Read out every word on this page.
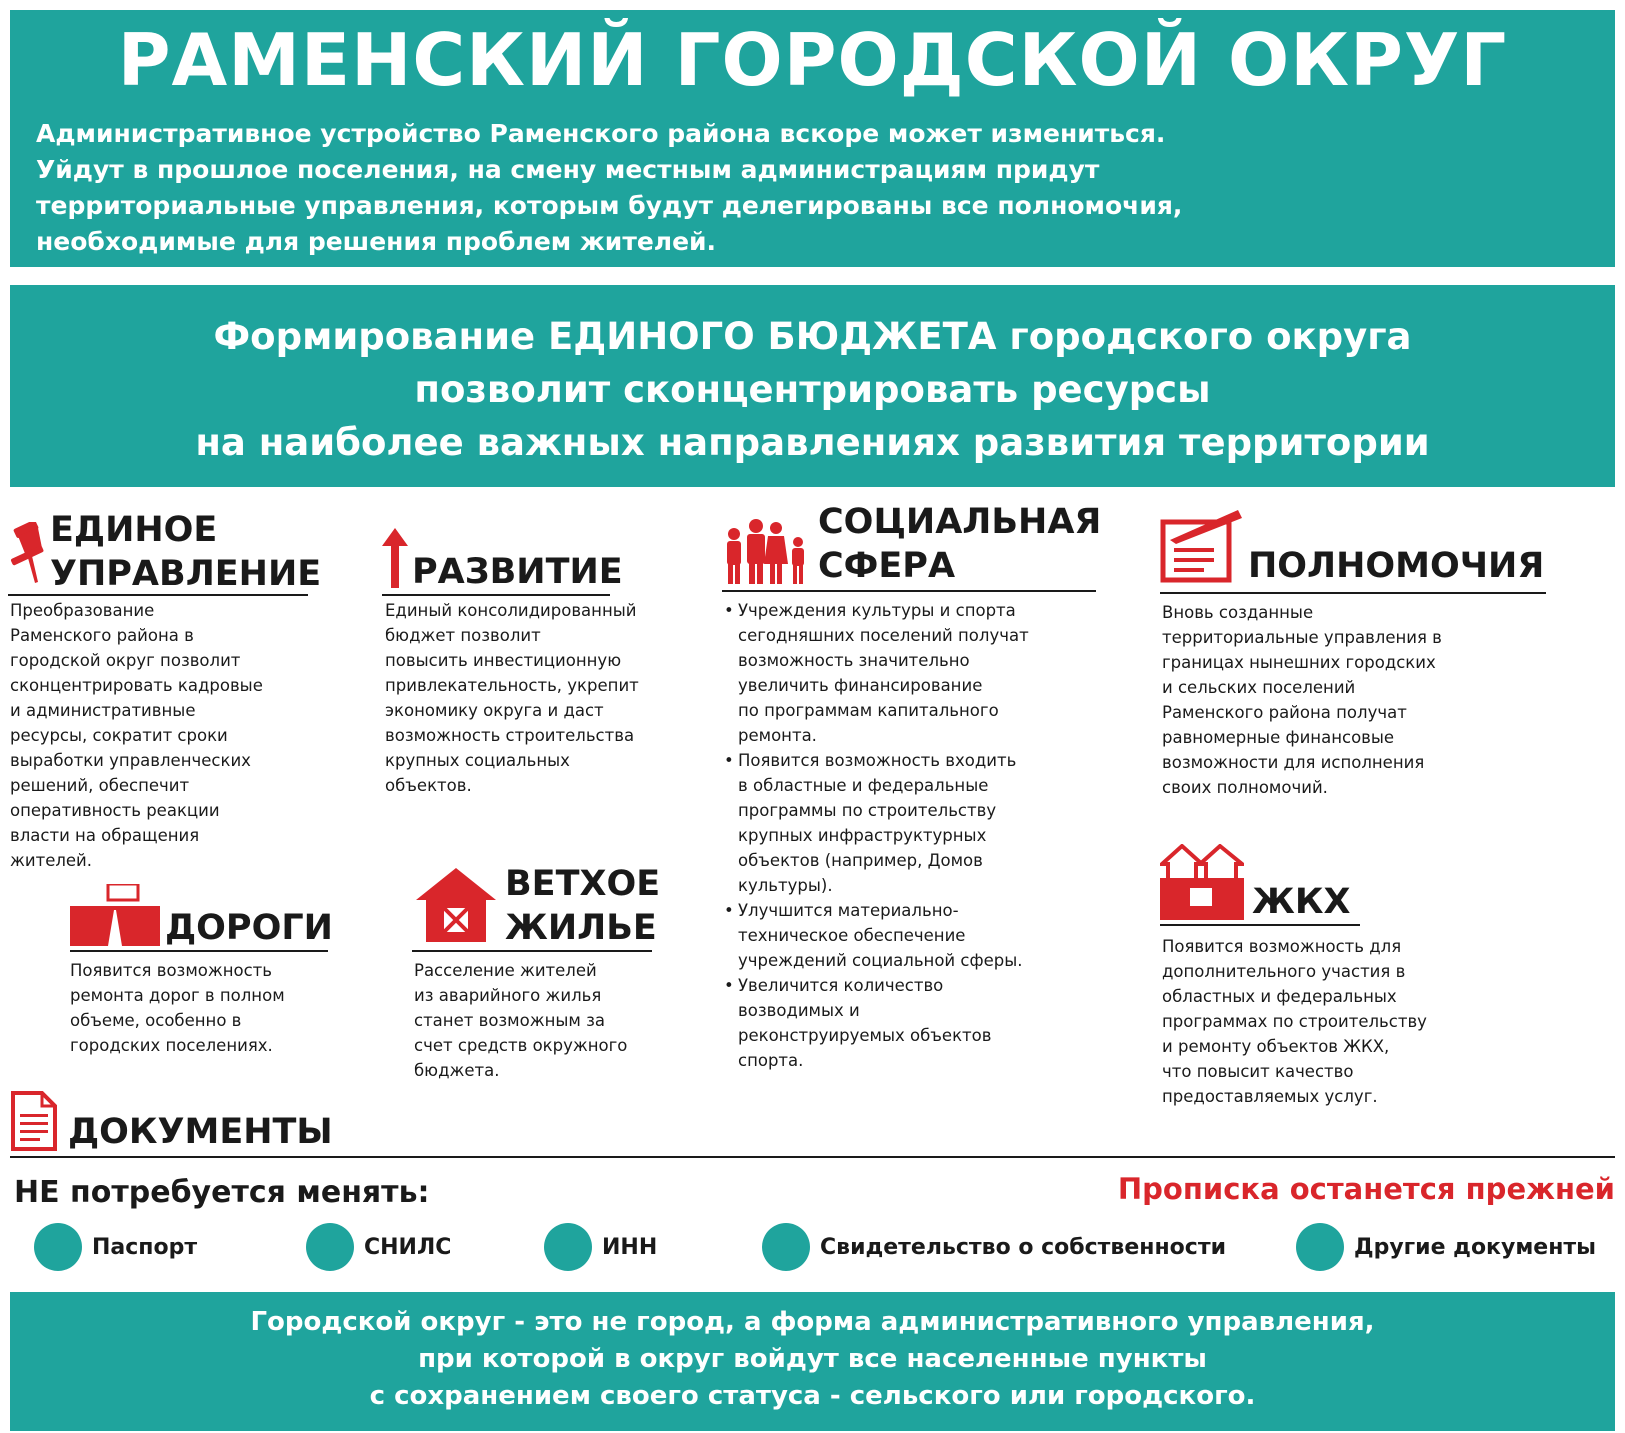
РАМЕНСКИЙ ГОРОДСКОЙ ОКРУГ

Административное устройство Раменского района вскоре может измениться.

Уйдут в прошлое поселения, на смену местным администрациям придут

территориальные управления, которым будут делегированы все полномочия,

необходимые для решения проблем жителей.

Формирование ЕДИНОГО БЮДЖЕТА городского округа

позволит сконцентрировать ресурсы

на наиболее важных направлениях развития территории

ЕДИНОЕ
УПРАВЛЕНИЕ

Преобразование

Раменского района в

городской округ позволит

сконцентрировать кадровые

и административные

ресурсы, сократит сроки

выработки управленческих

решений, обеспечит

оперативность реакции

власти на обращения

жителей.

РАЗВИТИЕ

Единый консолидированный

бюджет позволит

повысить инвестиционную

привлекательность, укрепит

экономику округа и даст

возможность строительства

крупных социальных

объектов.

СОЦИАЛЬНАЯ
СФЕРА
• Учреждения культуры и спорта
сегодняшних поселений получат
возможность значительно
увеличить финансирование
по программам капитального
ремонта.
• Появится возможность входить
в областные и федеральные
программы по строительству
крупных инфраструктурных
объектов (например, Домов
культуры).
• Улучшится материально-
техническое обеспечение
учреждений социальной сферы.
• Увеличится количество
возводимых и
реконструируемых объектов
спорта.
ПОЛНОМОЧИЯ

Вновь созданные

территориальные управления в

границах нынешних городских

и сельских поселений

Раменского района получат

равномерные финансовые

возможности для исполнения

своих полномочий.

ДОРОГИ

Появится возможность

ремонта дорог в полном

объеме, особенно в

городских поселениях.

ВЕТХОЕ
ЖИЛЬЕ

Расселение жителей

из аварийного жилья

станет возможным за

счет средств окружного

бюджета.

ЖКХ

Появится возможность для

дополнительного участия в

областных и федеральных

программах по строительству

и ремонту объектов ЖКХ,

что повысит качество

предоставляемых услуг.

ДОКУМЕНТЫ
НЕ потребуется менять:	Прописка останется прежней
Паспорт	СНИЛС	ИНН	Свидетельство о собственности	Другие документы

Городской округ - это не город, а форма административного управления,

при которой в округ войдут все населенные пункты

с сохранением своего статуса - сельского или городского.
